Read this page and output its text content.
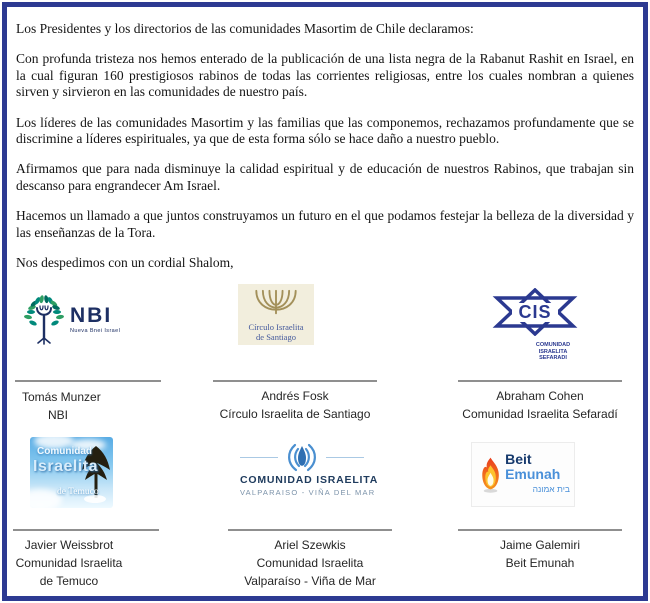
Los Presidentes y los directorios de las comunidades Masortim de Chile declaramos:

Con profunda tristeza nos hemos enterado de la publicación de una lista negra de la Rabanut Rashit en Israel, en la cual figuran 160 prestigiosos rabinos de todas las corrientes religiosas, entre los cuales nombran a quienes sirven y sirvieron en las comunidades de nuestro país.

Los líderes de las comunidades Masortim y las familias que las componemos, rechazamos profundamente que se discrimine a líderes espirituales, ya que de esta forma sólo se hace daño a nuestro pueblo.

Afirmamos que para nada disminuye la calidad espiritual y de educación de nuestros Rabinos, que trabajan sin descanso para engrandecer Am Israel.

Hacemos un llamado a que juntos construyamos un futuro en el que podamos festejar la belleza de la diversidad y las enseñanzas de la Tora.

Nos despedimos con un cordial Shalom,

NBI
Nueva Bnei Israel	Círculo Israelita
de Santiago
CIS
COMUNIDAD
ISRAELITA
SEFARADI
Tomás Munzer
NBI
Andrés Fosk
Círculo Israelita de Santiago
Abraham Cohen
Comunidad Israelita Sefaradí
Comunidad
Israelita
de Temuco
COMUNIDAD ISRAELITA
VALPARAISO - VIÑA DEL MAR
Beit Emunah
בית אמונה
Javier Weissbrot
Comunidad Israelita
de Temuco
Ariel Szewkis
Comunidad Israelita
Valparaíso - Viña de Mar
Jaime Galemiri
Beit Emunah
